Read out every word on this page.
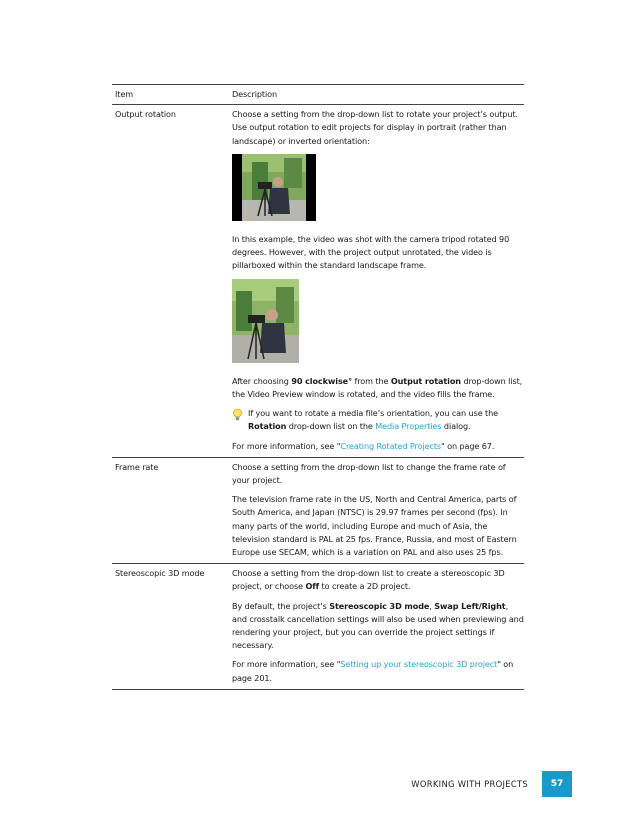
Item	Description
Output rotation	Choose a setting from the drop-down list to rotate your project’s output. Use output rotation to edit projects for display in portrait (rather than landscape) or inverted orientation:

In this example, the video was shot with the camera tripod rotated 90 degrees. However, with the project output unrotated, the video is pillarboxed within the standard landscape frame.

After choosing 90 clockwise° from the Output rotation drop-down list, the Video Preview window is rotated, and the video fills the frame.

If you want to rotate a media file’s orientation, you can use the Rotation drop-down list on the Media Properties dialog.

For more information, see "Creating Rotated Projects" on page 67.

Frame rate	Choose a setting from the drop-down list to change the frame rate of your project.

The television frame rate in the US, North and Central America, parts of South America, and Japan (NTSC) is 29.97 frames per second (fps). In many parts of the world, including Europe and much of Asia, the television standard is PAL at 25 fps. France, Russia, and most of Eastern Europe use SECAM, which is a variation on PAL and also uses 25 fps.

Stereoscopic 3D mode	Choose a setting from the drop-down list to create a stereoscopic 3D project, or choose Off to create a 2D project.

By default, the project’s Stereoscopic 3D mode, Swap Left/Right, and crosstalk cancellation settings will also be used when previewing and rendering your project, but you can override the project settings if necessary.

For more information, see "Setting up your stereoscopic 3D project" on page 201.

WORKING WITH PROJECTS	57
